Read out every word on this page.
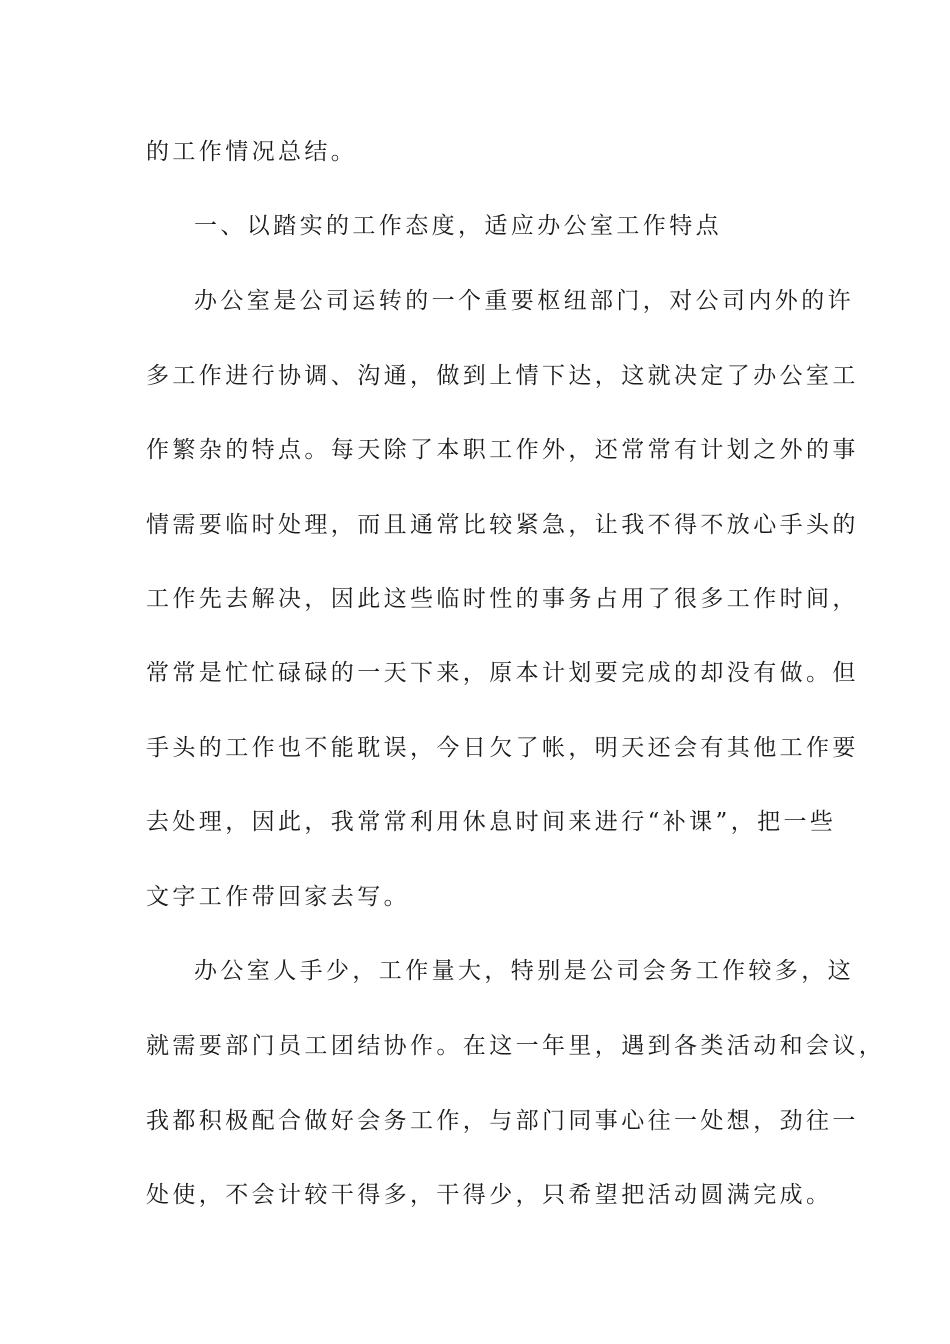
的工作情况总结。
一、以踏实的工作态度，适应办公室工作特点
办公室是公司运转的一个重要枢纽部门，对公司内外的许
多工作进行协调、沟通，做到上情下达，这就决定了办公室工
作繁杂的特点。每天除了本职工作外，还常常有计划之外的事
情需要临时处理，而且通常比较紧急，让我不得不放心手头的
工作先去解决，因此这些临时性的事务占用了很多工作时间，
常常是忙忙碌碌的一天下来，原本计划要完成的却没有做。但
手头的工作也不能耽误，今日欠了帐，明天还会有其他工作要
去处理，因此，我常常利用休息时间来进行“补课”，把一些
文字工作带回家去写。
办公室人手少，工作量大，特别是公司会务工作较多，这
就需要部门员工团结协作。在这一年里，遇到各类活动和会议，
我都积极配合做好会务工作，与部门同事心往一处想，劲往一
处使，不会计较干得多，干得少，只希望把活动圆满完成。
